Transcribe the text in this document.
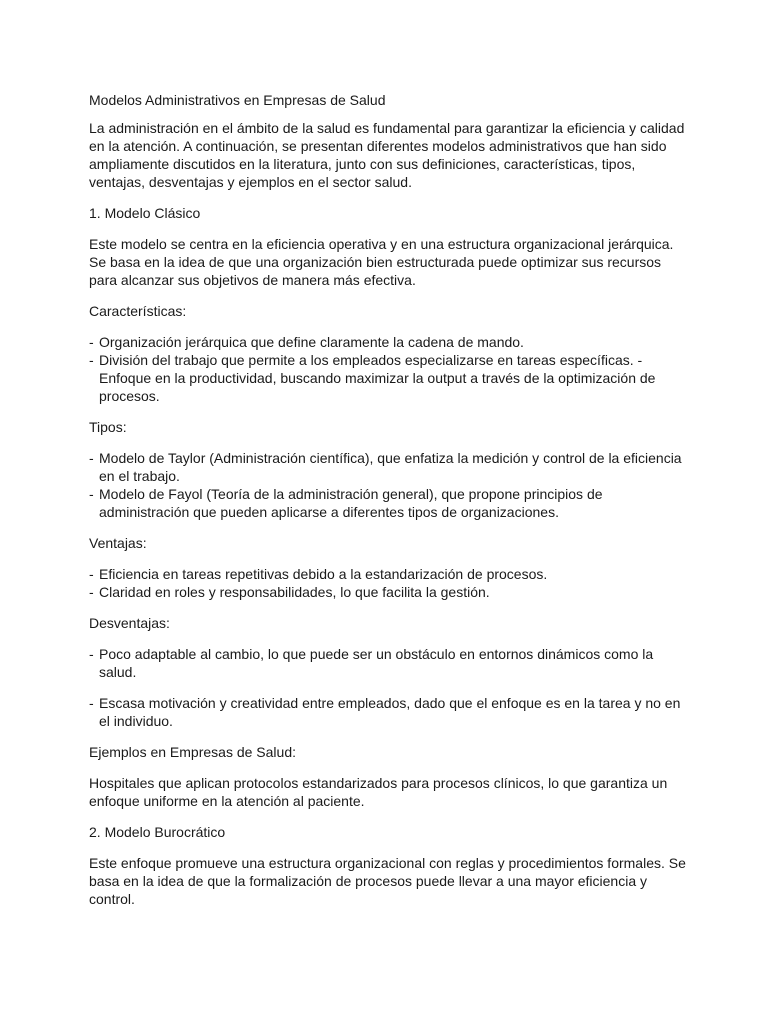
Modelos Administrativos en Empresas de Salud

La administración en el ámbito de la salud es fundamental para garantizar la eficiencia y calidad en la atención. A continuación, se presentan diferentes modelos administrativos que han sido ampliamente discutidos en la literatura, junto con sus definiciones, características, tipos, ventajas, desventajas y ejemplos en el sector salud.

1. Modelo Clásico

Este modelo se centra en la eficiencia operativa y en una estructura organizacional jerárquica. Se basa en la idea de que una organización bien estructurada puede optimizar sus recursos para alcanzar sus objetivos de manera más efectiva.

Características:
- Organización jerárquica que define claramente la cadena de mando.
- División del trabajo que permite a los empleados especializarse en tareas específicas. - Enfoque en la productividad, buscando maximizar la output a través de la optimización de procesos.
Tipos:
- Modelo de Taylor (Administración científica), que enfatiza la medición y control de la eficiencia en el trabajo.
- Modelo de Fayol (Teoría de la administración general), que propone principios de administración que pueden aplicarse a diferentes tipos de organizaciones.
Ventajas:
- Eficiencia en tareas repetitivas debido a la estandarización de procesos.
- Claridad en roles y responsabilidades, lo que facilita la gestión.
Desventajas:
- Poco adaptable al cambio, lo que puede ser un obstáculo en entornos dinámicos como la salud.
- Escasa motivación y creatividad entre empleados, dado que el enfoque es en la tarea y no en el individuo.
Ejemplos en Empresas de Salud:

Hospitales que aplican protocolos estandarizados para procesos clínicos, lo que garantiza un enfoque uniforme en la atención al paciente.

2. Modelo Burocrático

Este enfoque promueve una estructura organizacional con reglas y procedimientos formales. Se basa en la idea de que la formalización de procesos puede llevar a una mayor eficiencia y control.
